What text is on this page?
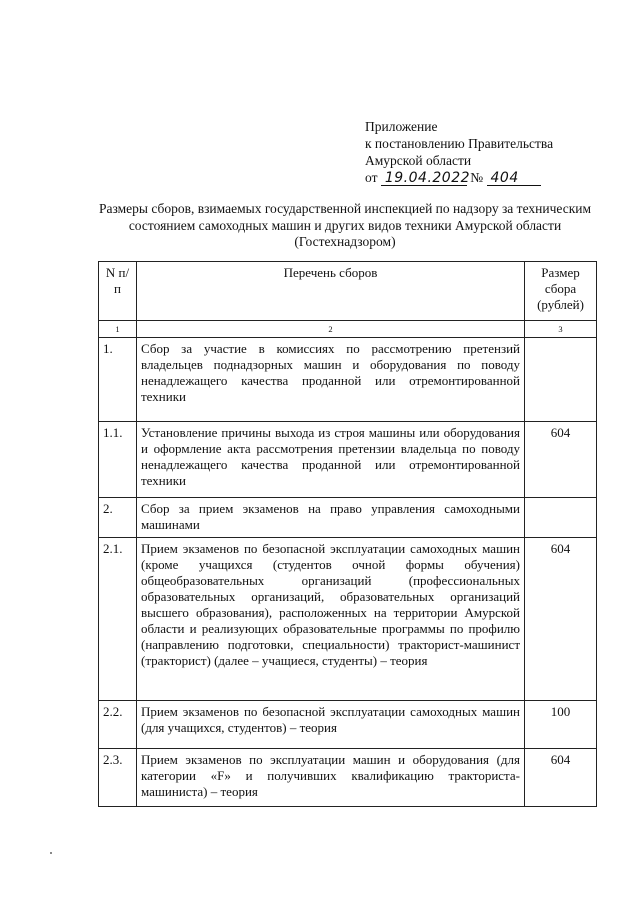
Приложение
к постановлению Правительства
Амурской области
от 19.04.2022 № 404
Размеры сборов, взимаемых государственной инспекцией по надзору за техническим состоянием самоходных машин и других видов техники Амурской области (Гостехнадзором)
N п/п	Перечень сборов	Размер сбора (рублей)
1	2	3
1.	Сбор за участие в комиссиях по рассмотрению претензий владельцев поднадзорных машин и оборудования по поводу ненадлежащего качества проданной или отремонтированной техники	
1.1.	Установление причины выхода из строя машины или оборудования и оформление акта рассмотрения претензии владельца по поводу ненадлежащего качества проданной или отремонтированной техники	604
2.	Сбор за прием экзаменов на право управления самоходными машинами	
2.1.	Прием экзаменов по безопасной эксплуатации самоходных машин (кроме учащихся (студентов очной формы обучения) общеобразовательных организаций (профессиональных образовательных организаций, образовательных организаций высшего образования), расположенных на территории Амурской области и реализующих образовательные программы по профилю (направлению подготовки, специальности) тракторист-машинист (тракторист) (далее – учащиеся, студенты) – теория	604
2.2.	Прием экзаменов по безопасной эксплуатации самоходных машин (для учащихся, студентов) – теория	100
2.3.	Прием экзаменов по эксплуатации машин и оборудования (для категории «F» и получивших квалификацию тракториста-машиниста) – теория	604
